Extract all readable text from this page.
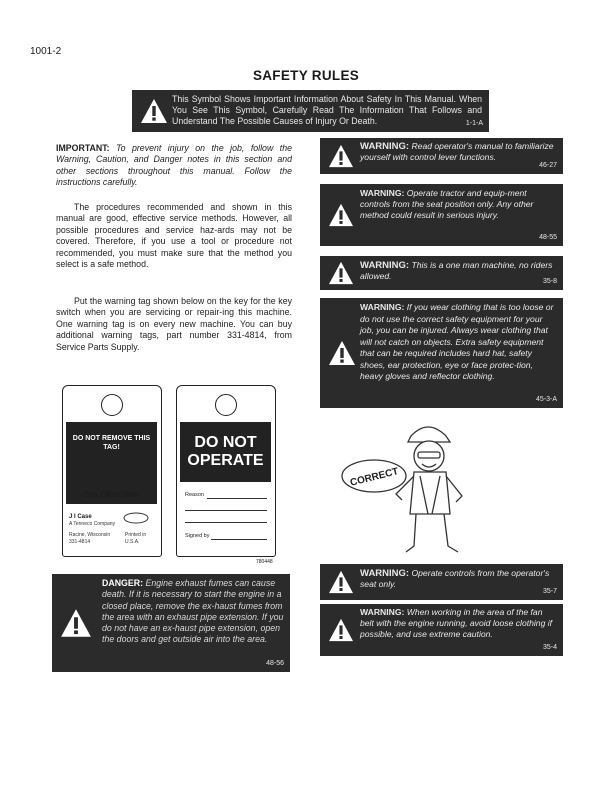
1001-2
SAFETY RULES
This Symbol Shows Important Information About Safety In This Manual. When You See This Symbol, Carefully Read The Information That Follows and Understand The Possible Causes of Injury Or Death.	1-1-A
IMPORTANT: To prevent injury on the job, follow the Warning, Caution, and Danger notes in this section and other sections throughout this manual. Follow the instructions carefully.
The procedures recommended and shown in this manual are good, effective service methods. However, all possible procedures and service haz-ards may not be covered. Therefore, if you use a tool or procedure not recommended, you must make sure that the method you select is a safe method.
Put the warning tag shown below on the key for the key switch when you are servicing or repair-ing this machine. One warning tag is on every new machine. You can buy additional warning tags, part number 331-4814, from Service Parts Supply.
DO NOT REMOVE THIS TAG!
See Other Side
J I Case
A Tenneco Company
Racine, Wisconsin
331-4814
Printed in
U.S.A.
DO NOT OPERATE
Reason
Signed by
780448
DANGER: Engine exhaust fumes can cause death. If it is necessary to start the engine in a closed place, remove the ex-haust fumes from the area with an exhaust pipe extension. If you do not have an ex-haust pipe extension, open the doors and get outside air into the area.
48-56
WARNING: Read operator's manual to familiarize yourself with control lever functions.
46-27
WARNING: Operate tractor and equip-ment controls from the seat position only. Any other method could result in serious injury.
48-55
WARNING: This is a one man machine, no riders allowed.
35-8
WARNING: If you wear clothing that is too loose or do not use the correct safety equipment for your job, you can be injured. Always wear clothing that will not catch on objects. Extra safety equipment that can be required includes hard hat, safety shoes, ear protection, eye or face protec-tion, heavy gloves and reflector clothing.
45-3-A
CORRECT
WARNING: Operate controls from the operator's seat only.
35-7
WARNING: When working in the area of the fan belt with the engine running, avoid loose clothing if possible, and use extreme caution.
35-4
